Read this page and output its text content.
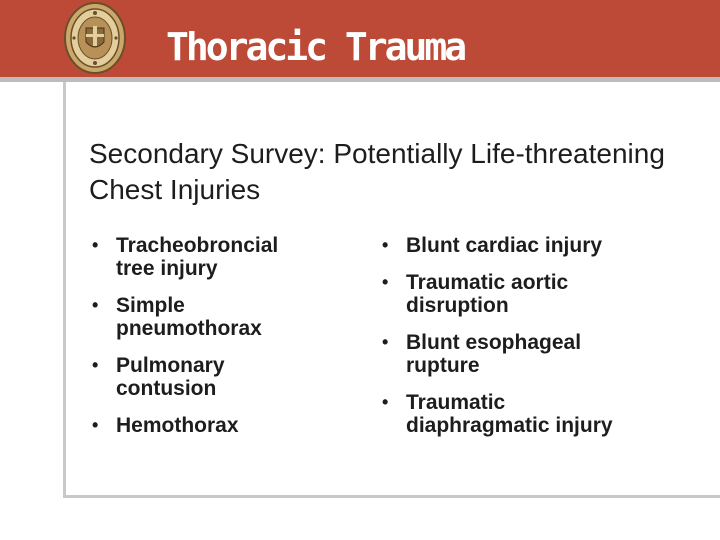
Thoracic Trauma
Secondary Survey: Potentially Life-threatening Chest Injuries
• Tracheobroncial tree injury
• Simple pneumothorax
• Pulmonary contusion
• Hemothorax
• Blunt cardiac injury
• Traumatic aortic disruption
• Blunt esophageal rupture
• Traumatic diaphragmatic injury
